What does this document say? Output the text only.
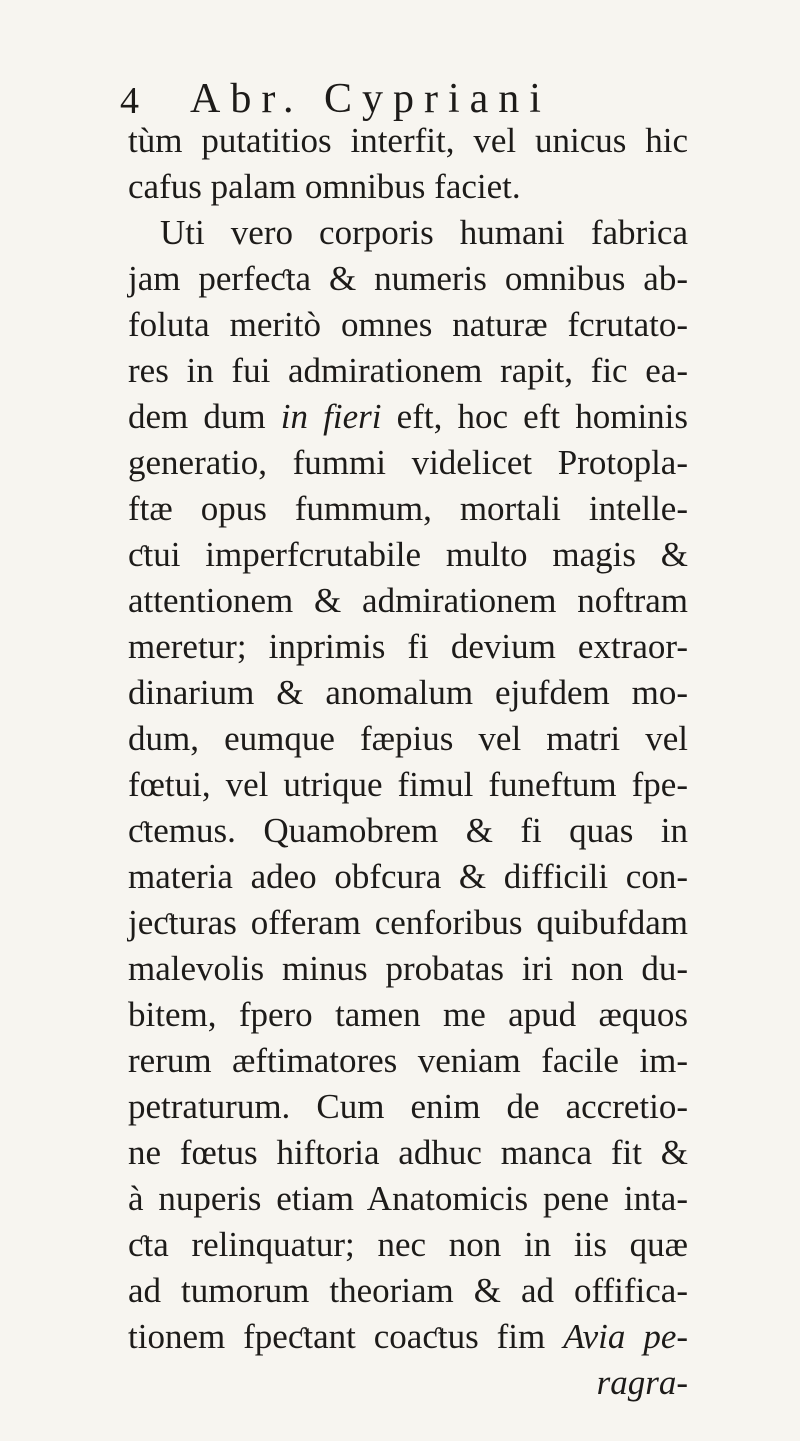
4 Abr. Cypriani
tùm putatitios interfit, vel unicus hic
cafus palam omnibus faciet.
Uti vero corporis humani fabrica
jam perfeƈta & numeris omnibus ab-
foluta meritò omnes naturæ fcrutato-
res in fui admirationem rapit, fic ea-
dem dum in fieri eft, hoc eft hominis
generatio, fummi videlicet Protopla-
ftæ opus fummum, mortali intelle-
ƈtui imperfcrutabile multo magis &
attentionem & admirationem noftram
meretur; inprimis fi devium extraor-
dinarium & anomalum ejufdem mo-
dum, eumque fæpius vel matri vel
fœtui, vel utrique fimul funeftum fpe-
ƈtemus. Quamobrem & fi quas in
materia adeo obfcura & difficili con-
jeƈturas offeram cenforibus quibufdam
malevolis minus probatas iri non du-
bitem, fpero tamen me apud æquos
rerum æftimatores veniam facile im-
petraturum. Cum enim de accretio-
ne fœtus hiftoria adhuc manca fit &
à nuperis etiam Anatomicis pene inta-
ƈta relinquatur; nec non in iis quæ
ad tumorum theoriam & ad offifica-
tionem fpeƈtant coaƈtus fim Avia pe-
ragra-
